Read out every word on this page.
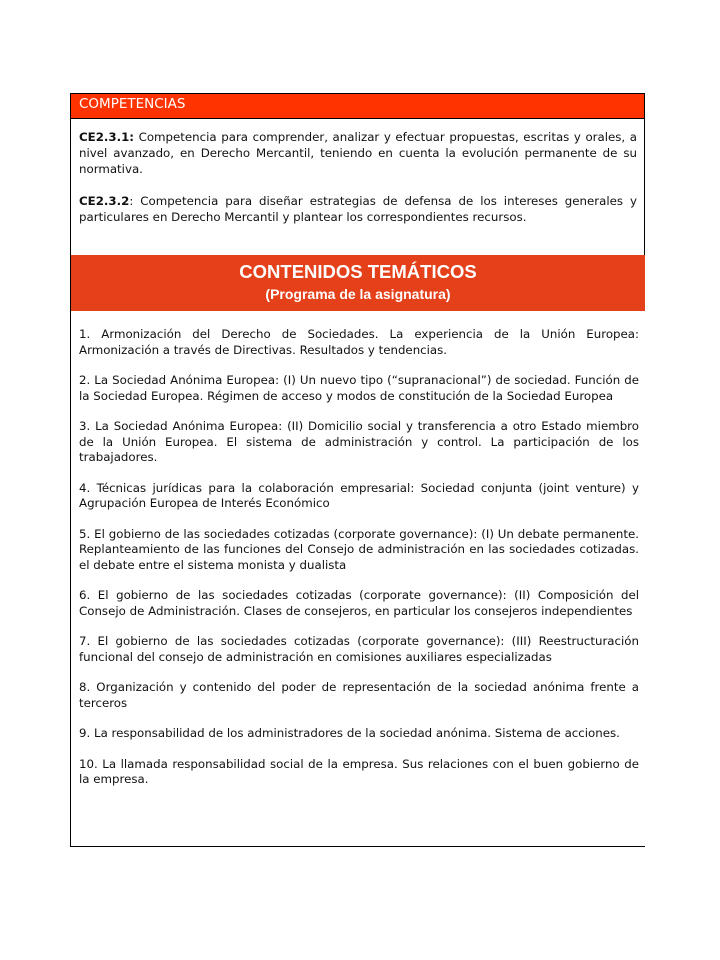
COMPETENCIAS

CE2.3.1: Competencia para comprender, analizar y efectuar propuestas, escritas y orales, a nivel avanzado, en Derecho Mercantil, teniendo en cuenta la evolución permanente de su normativa.

CE2.3.2: Competencia para diseñar estrategias de defensa de los intereses generales y particulares en Derecho Mercantil y plantear los correspondientes recursos.

CONTENIDOS TEMÁTICOS
(Programa de la asignatura)

1. Armonización del Derecho de Sociedades. La experiencia de la Unión Europea: Armonización a través de Directivas. Resultados y tendencias.

2. La Sociedad Anónima Europea: (I) Un nuevo tipo (“supranacional”) de sociedad. Función de la Sociedad Europea. Régimen de acceso y modos de constitución de la Sociedad Europea

3. La Sociedad Anónima Europea: (II) Domicilio social y transferencia a otro Estado miembro de la Unión Europea. El sistema de administración y control. La participación de los trabajadores.

4. Técnicas jurídicas para la colaboración empresarial: Sociedad conjunta (joint venture) y Agrupación Europea de Interés Económico

5. El gobierno de las sociedades cotizadas (corporate governance): (I) Un debate permanente. Replanteamiento de las funciones del Consejo de administración en las sociedades cotizadas. el debate entre el sistema monista y dualista

6. El gobierno de las sociedades cotizadas (corporate governance): (II) Composición del Consejo de Administración. Clases de consejeros, en particular los consejeros independientes

7. El gobierno de las sociedades cotizadas (corporate governance): (III) Reestructuración funcional del consejo de administración en comisiones auxiliares especializadas

8. Organización y contenido del poder de representación de la sociedad anónima frente a terceros

9. La responsabilidad de los administradores de la sociedad anónima. Sistema de acciones.

10. La llamada responsabilidad social de la empresa. Sus relaciones con el buen gobierno de la empresa.
